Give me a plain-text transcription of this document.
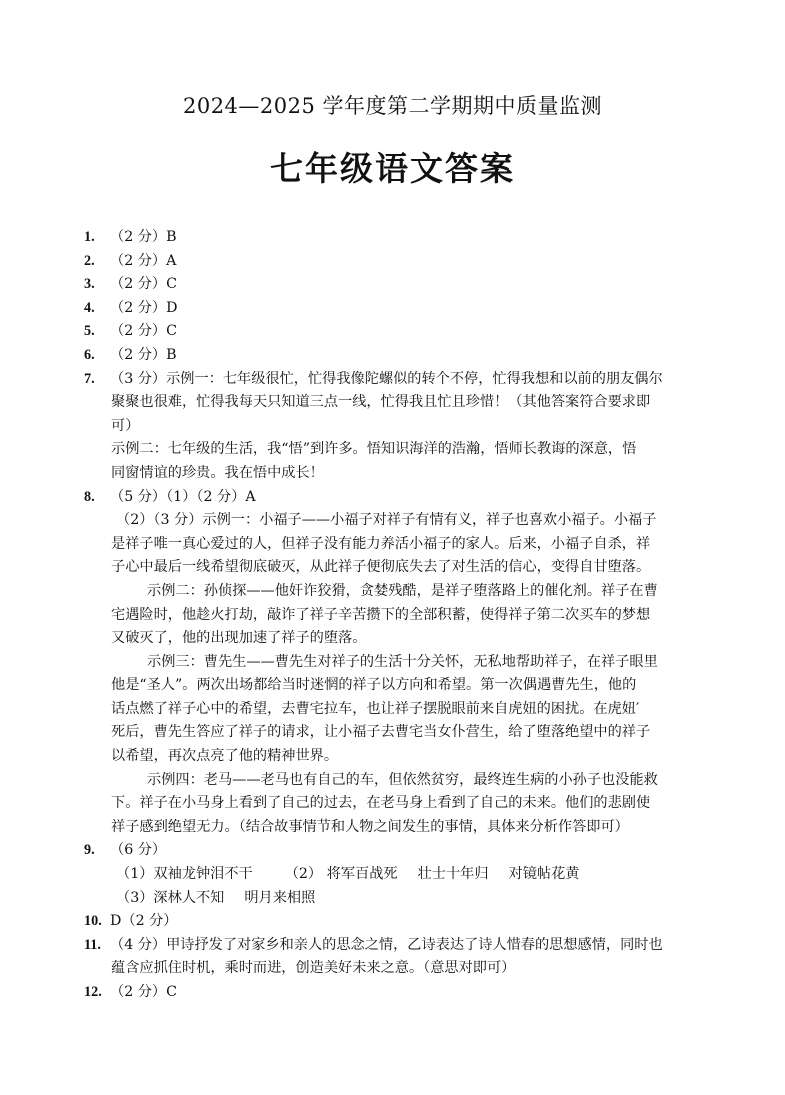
2024—2025 学年度第二学期期中质量监测
七年级语文答案
1. （2 分）B
2. （2 分）A
3. （2 分）C
4. （2 分）D
5. （2 分）C
6. （2 分）B
7. （3 分）示例一：七年级很忙，忙得我像陀螺似的转个不停，忙得我想和以前的朋友偶尔
聚聚也很难，忙得我每天只知道三点一线，忙得我且忙且珍惜！（其他答案符合要求即
可）
示例二：七年级的生活，我“悟”到许多。悟知识海洋的浩瀚，悟师长教诲的深意，悟
同窗情谊的珍贵。我在悟中成长！
8. （5 分）（1）（2 分）A
（2）（3 分）示例一：小福子——小福子对祥子有情有义，祥子也喜欢小福子。小福子
是祥子唯一真心爱过的人，但祥子没有能力养活小福子的家人。后来，小福子自杀，祥
子心中最后一线希望彻底破灭，从此祥子便彻底失去了对生活的信心，变得自甘堕落。
示例二：孙侦探——他奸诈狡猾，贪婪残酷，是祥子堕落路上的催化剂。祥子在曹
宅遇险时，他趁火打劫，敲诈了祥子辛苦攒下的全部积蓄，使得祥子第二次买车的梦想
又破灭了，他的出现加速了祥子的堕落。
示例三：曹先生——曹先生对祥子的生活十分关怀，无私地帮助祥子，在祥子眼里
他是“圣人”。两次出场都给当时迷惘的祥子以方向和希望。第一次偶遇曹先生，他的
话点燃了祥子心中的希望，去曹宅拉车，也让祥子摆脱眼前来自虎妞的困扰。在虎妞′
死后，曹先生答应了祥子的请求，让小福子去曹宅当女仆营生，给了堕落绝望中的祥子
以希望，再次点亮了他的精神世界。
示例四：老马——老马也有自己的车，但依然贫穷，最终连生病的小孙子也没能救
下。祥子在小马身上看到了自己的过去，在老马身上看到了自己的未来。他们的悲剧使
祥子感到绝望无力。（结合故事情节和人物之间发生的事情，具体来分析作答即可）
9. （6 分）
（1）双袖龙钟泪不干 （2） 将军百战死 壮士十年归 对镜帖花黄
（3）深林人不知 明月来相照
10. D（2 分）
11. （4 分）甲诗抒发了对家乡和亲人的思念之情，乙诗表达了诗人惜春的思想感情，同时也
蕴含应抓住时机，乘时而进，创造美好未来之意。（意思对即可）
12. （2 分）C
